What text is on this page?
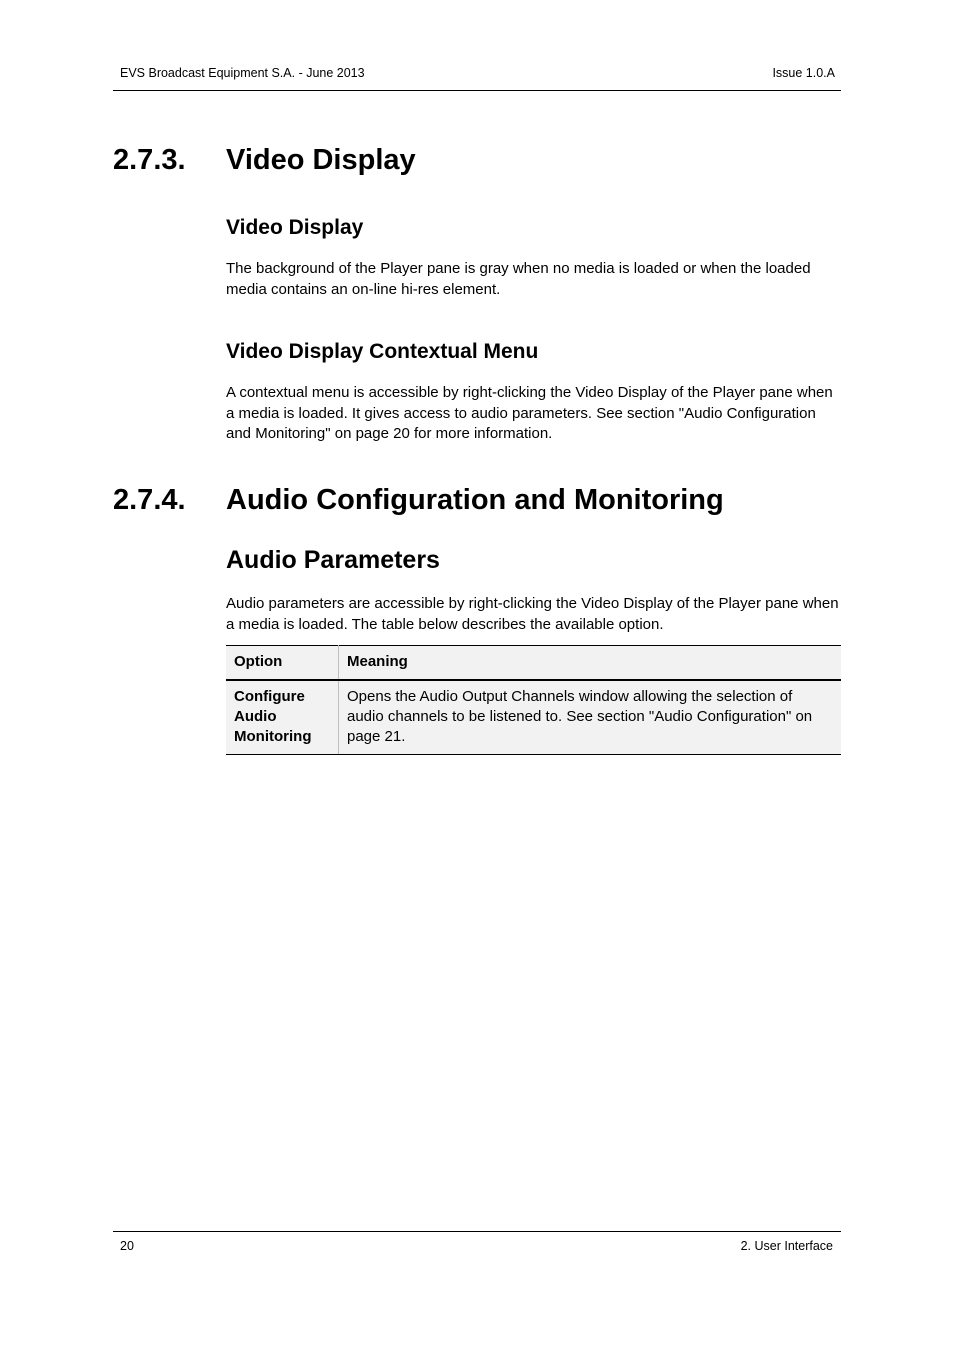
EVS Broadcast Equipment S.A. - June 2013	Issue 1.0.A
2.7.3. Video Display
Video Display
The background of the Player pane is gray when no media is loaded or when the loaded media contains an on-line hi-res element.
Video Display Contextual Menu
A contextual menu is accessible by right-clicking the Video Display of the Player pane when a media is loaded. It gives access to audio parameters. See section "Audio Configuration and Monitoring" on page 20 for more information.
2.7.4. Audio Configuration and Monitoring
Audio Parameters
Audio parameters are accessible by right-clicking the Video Display of the Player pane when a media is loaded. The table below describes the available option.
Option	Meaning
Configure Audio Monitoring	Opens the Audio Output Channels window allowing the selection of audio channels to be listened to. See section "Audio Configuration" on page 21.
20	2. User Interface
